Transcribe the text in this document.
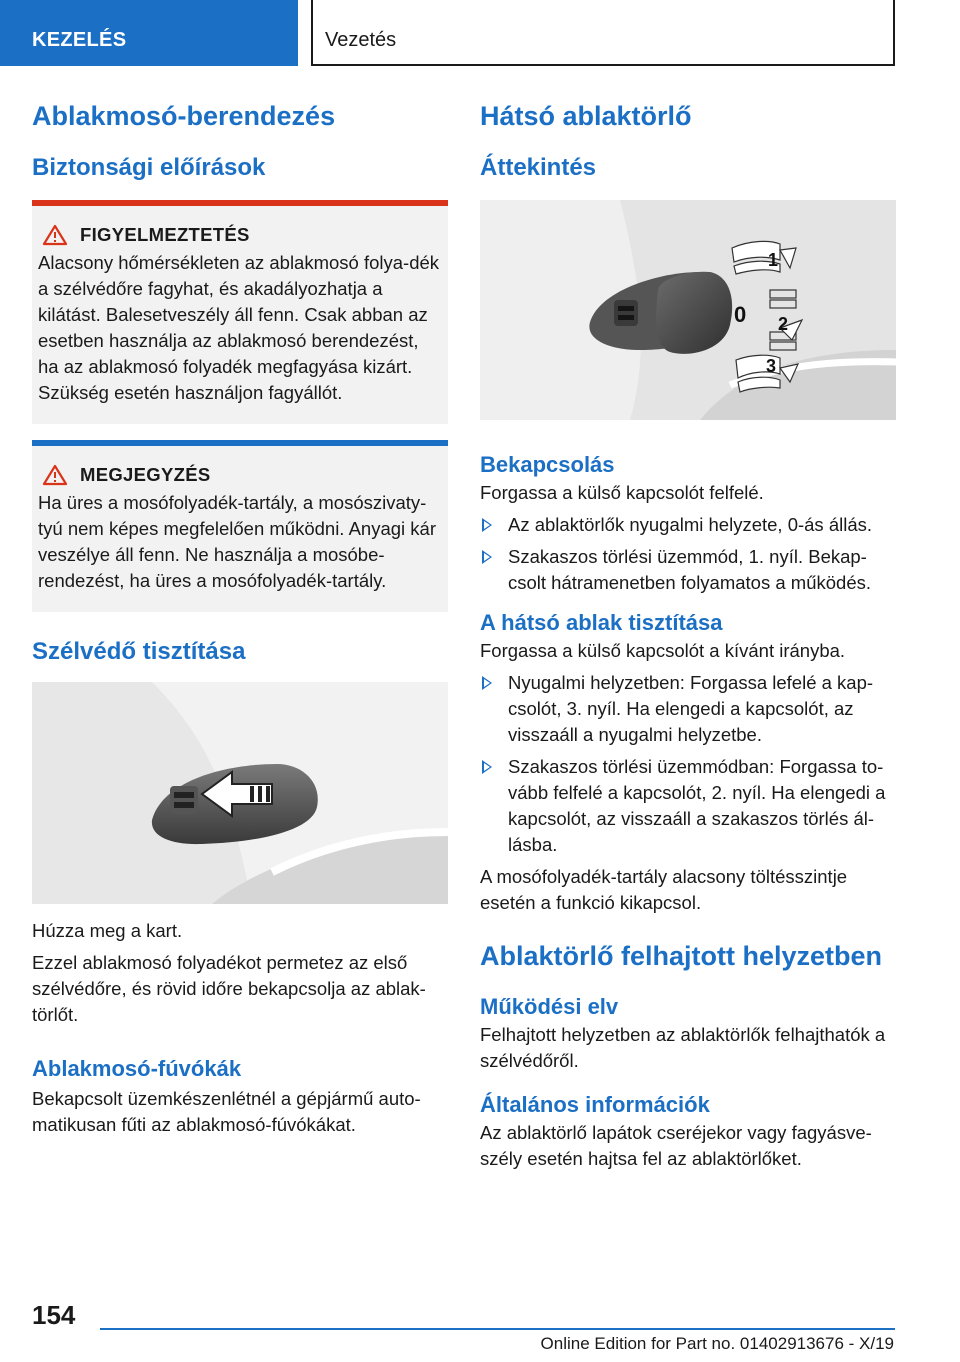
KEZELÉS	Vezetés
Ablakmosó-berendezés
Biztonsági előírások
FIGYELMEZTETÉS

Alacsony hőmérsékleten az ablakmosó folya-dék a szélvédőre fagyhat, és akadályozhatja a kilátást. Balesetveszély áll fenn. Csak abban az esetben használja az ablakmosó berendezést, ha az ablakmosó folyadék megfagyása kizárt. Szükség esetén használjon fagyállót.

MEGJEGYZÉS

Ha üres a mosófolyadék-tartály, a mosószivaty-tyú nem képes megfelelően működni. Anyagi kár veszélye áll fenn. Ne használja a mosóbe-rendezést, ha üres a mosófolyadék-tartály.

Szélvédő tisztítása

Húzza meg a kart.

Ezzel ablakmosó folyadékot permetez az első szélvédőre, és rövid időre bekapcsolja az ablak-törlőt.

Ablakmosó-fúvókák

Bekapcsolt üzemkészenlétnél a gépjármű auto-matikusan fűti az ablakmosó-fúvókákat.

Hátsó ablaktörlő
Áttekintés
1
0 2
3
Bekapcsolás

Forgassa a külső kapcsolót felfelé.

Az ablaktörlők nyugalmi helyzete, 0-ás állás.
Szakaszos törlési üzemmód, 1. nyíl. Bekap-csolt hátramenetben folyamatos a működés.
A hátsó ablak tisztítása

Forgassa a külső kapcsolót a kívánt irányba.

Nyugalmi helyzetben: Forgassa lefelé a kap-csolót, 3. nyíl. Ha elengedi a kapcsolót, az visszaáll a nyugalmi helyzetbe.
Szakaszos törlési üzemmódban: Forgassa to-vább felfelé a kapcsolót, 2. nyíl. Ha elengedi a kapcsolót, az visszaáll a szakaszos törlés ál-lásba.

A mosófolyadék-tartály alacsony töltésszintje esetén a funkció kikapcsol.

Ablaktörlő felhajtott helyzetben
Működési elv

Felhajtott helyzetben az ablaktörlők felhajthatók a szélvédőről.

Általános információk

Az ablaktörlő lapátok cseréjekor vagy fagyásve-szély esetén hajtsa fel az ablaktörlőket.

154
Online Edition for Part no. 01402913676 - X/19
